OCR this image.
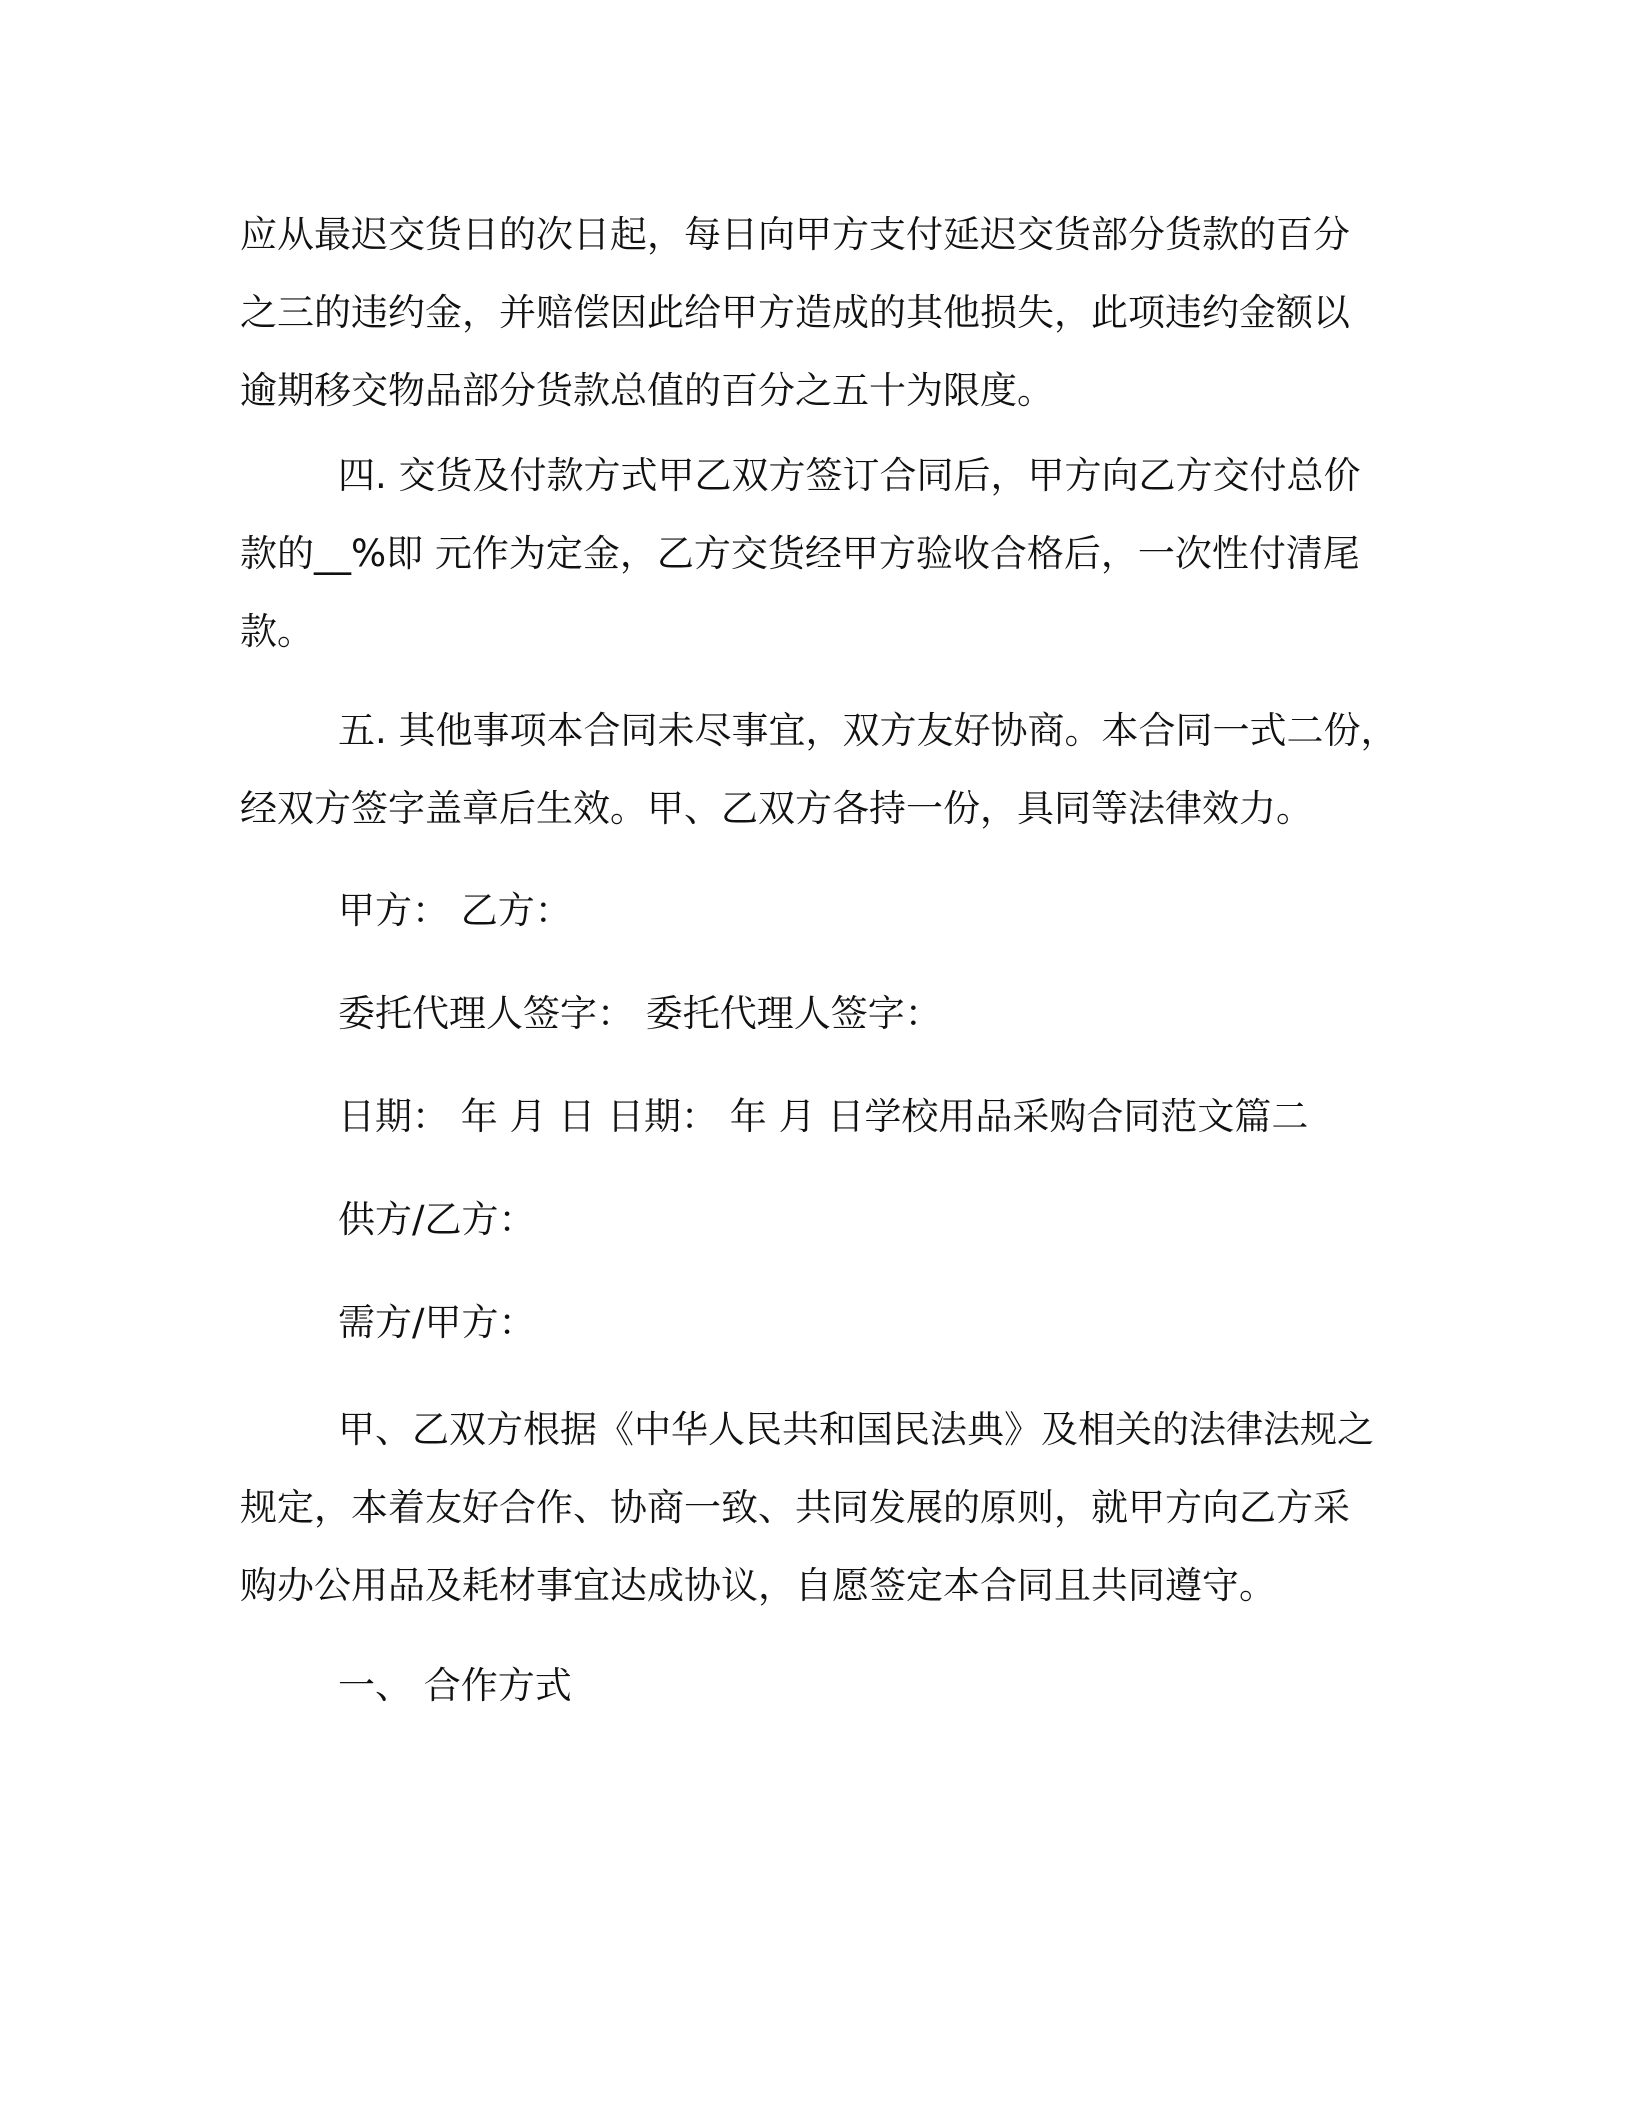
应从最迟交货日的次日起，每日向甲方支付延迟交货部分货款的百分
之三的违约金，并赔偿因此给甲方造成的其他损失，此项违约金额以
逾期移交物品部分货款总值的百分之五十为限度。

四. 交货及付款方式甲乙双方签订合同后，甲方向乙方交付总价
款的__%即 元作为定金，乙方交货经甲方验收合格后，一次性付清尾
款。

五. 其他事项本合同未尽事宜，双方友好协商。本合同一式二份，
经双方签字盖章后生效。甲、乙双方各持一份，具同等法律效力。

甲方： 乙方：

委托代理人签字： 委托代理人签字：

日期： 年 月 日 日期： 年 月 日学校用品采购合同范文篇二

供方/乙方：

需方/甲方：

甲、乙双方根据《中华人民共和国民法典》及相关的法律法规之
规定，本着友好合作、协商一致、共同发展的原则，就甲方向乙方采
购办公用品及耗材事宜达成协议，自愿签定本合同且共同遵守。

一、 合作方式
